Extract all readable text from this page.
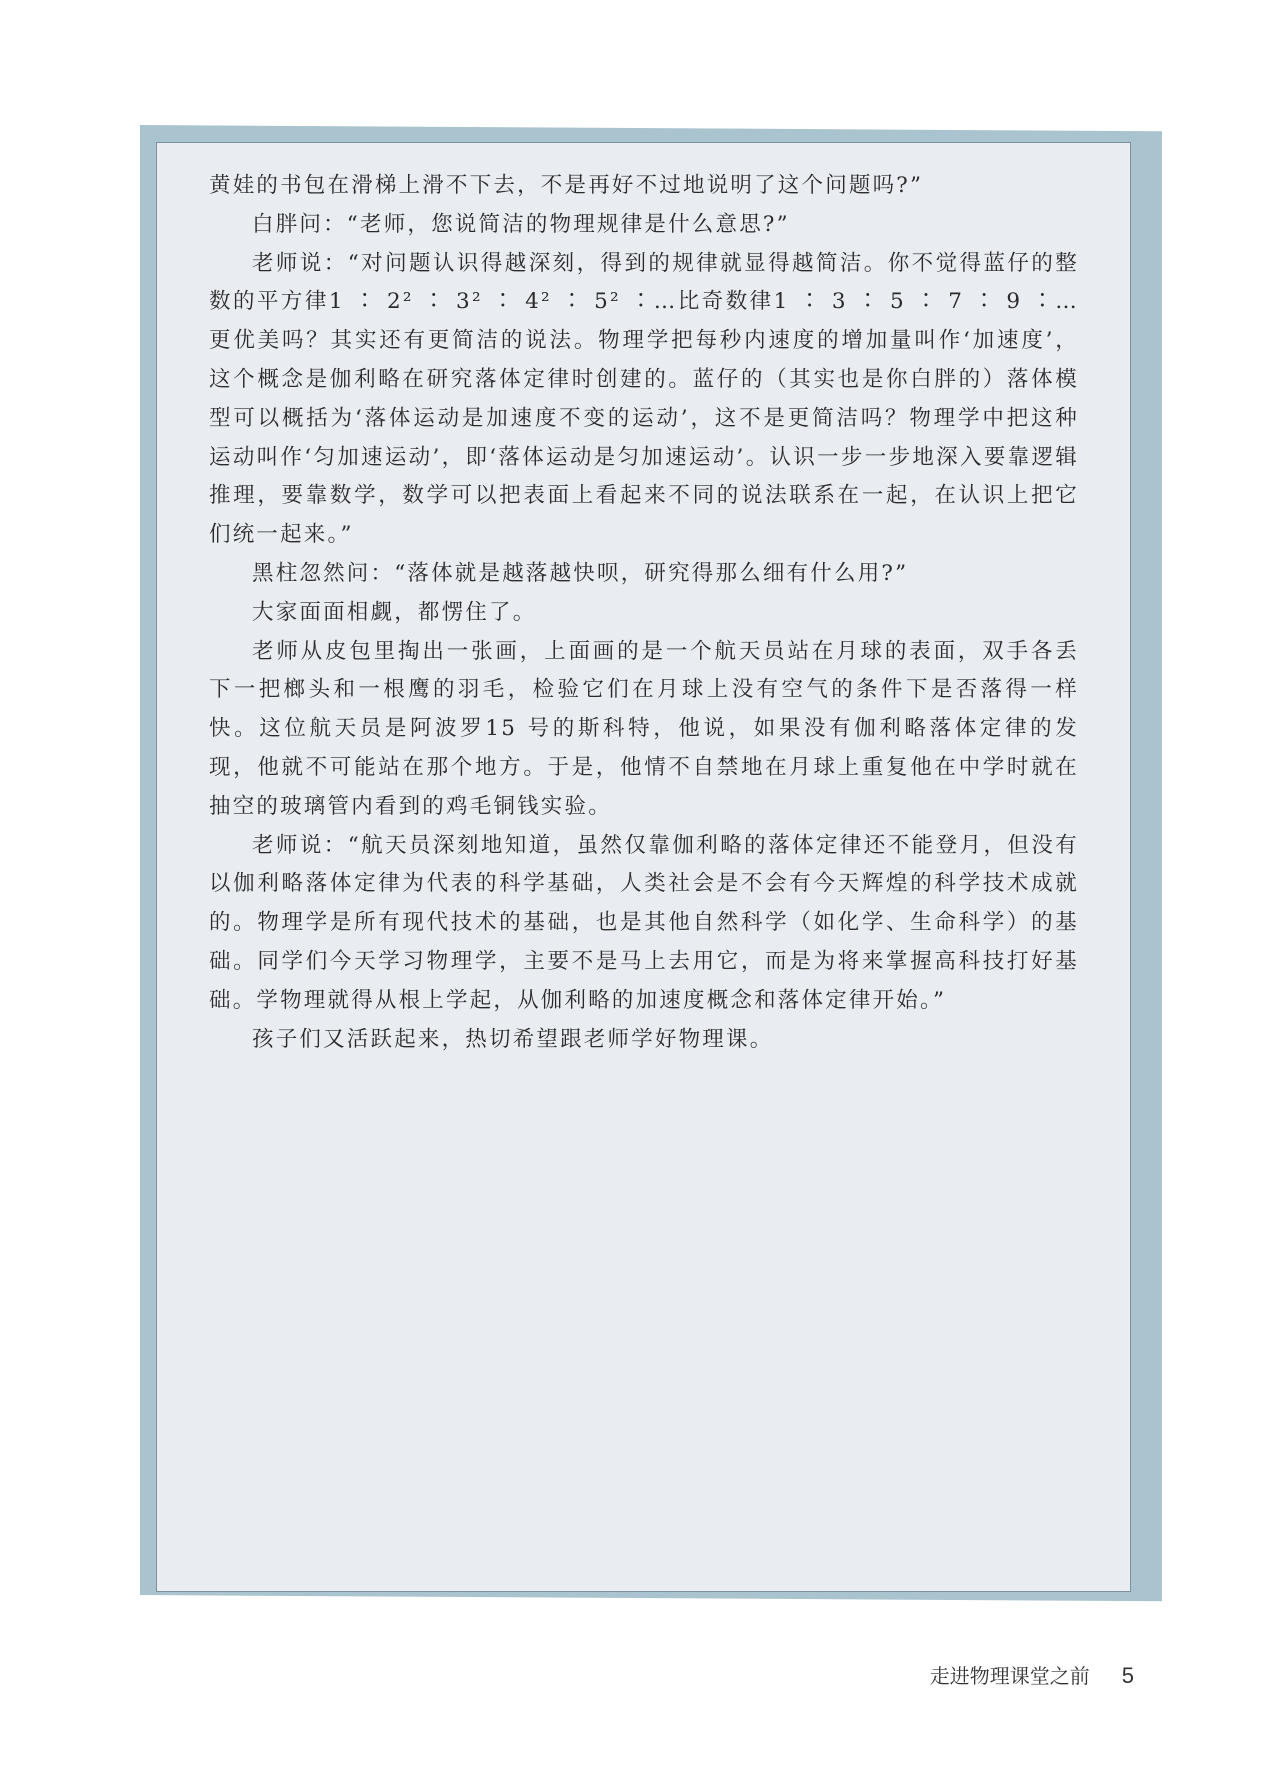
黄娃的书包在滑梯上滑不下去，不是再好不过地说明了这个问题吗?”

白胖问：“老师，您说简洁的物理规律是什么意思?”

老师说：“对问题认识得越深刻，得到的规律就显得越简洁。你不觉得蓝仔的整数的平方律1 ∶ 2² ∶ 3² ∶ 4² ∶ 5² ∶…比奇数律1 ∶ 3 ∶ 5 ∶ 7 ∶ 9 ∶…更优美吗？其实还有更简洁的说法。物理学把每秒内速度的增加量叫作‘加速度’，这个概念是伽利略在研究落体定律时创建的。蓝仔的（其实也是你白胖的）落体模型可以概括为‘落体运动是加速度不变的运动’，这不是更简洁吗？物理学中把这种运动叫作‘匀加速运动’，即‘落体运动是匀加速运动’。认识一步一步地深入要靠逻辑推理，要靠数学，数学可以把表面上看起来不同的说法联系在一起，在认识上把它们统一起来。”

黑柱忽然问：“落体就是越落越快呗，研究得那么细有什么用?”

大家面面相觑，都愣住了。

老师从皮包里掏出一张画，上面画的是一个航天员站在月球的表面，双手各丢下一把榔头和一根鹰的羽毛，检验它们在月球上没有空气的条件下是否落得一样快。这位航天员是阿波罗15 号的斯科特，他说，如果没有伽利略落体定律的发现，他就不可能站在那个地方。于是，他情不自禁地在月球上重复他在中学时就在抽空的玻璃管内看到的鸡毛铜钱实验。

老师说：“航天员深刻地知道，虽然仅靠伽利略的落体定律还不能登月，但没有以伽利略落体定律为代表的科学基础，人类社会是不会有今天辉煌的科学技术成就的。物理学是所有现代技术的基础，也是其他自然科学（如化学、生命科学）的基础。同学们今天学习物理学，主要不是马上去用它，而是为将来掌握高科技打好基础。学物理就得从根上学起，从伽利略的加速度概念和落体定律开始。”

孩子们又活跃起来，热切希望跟老师学好物理课。

走进物理课堂之前 5
